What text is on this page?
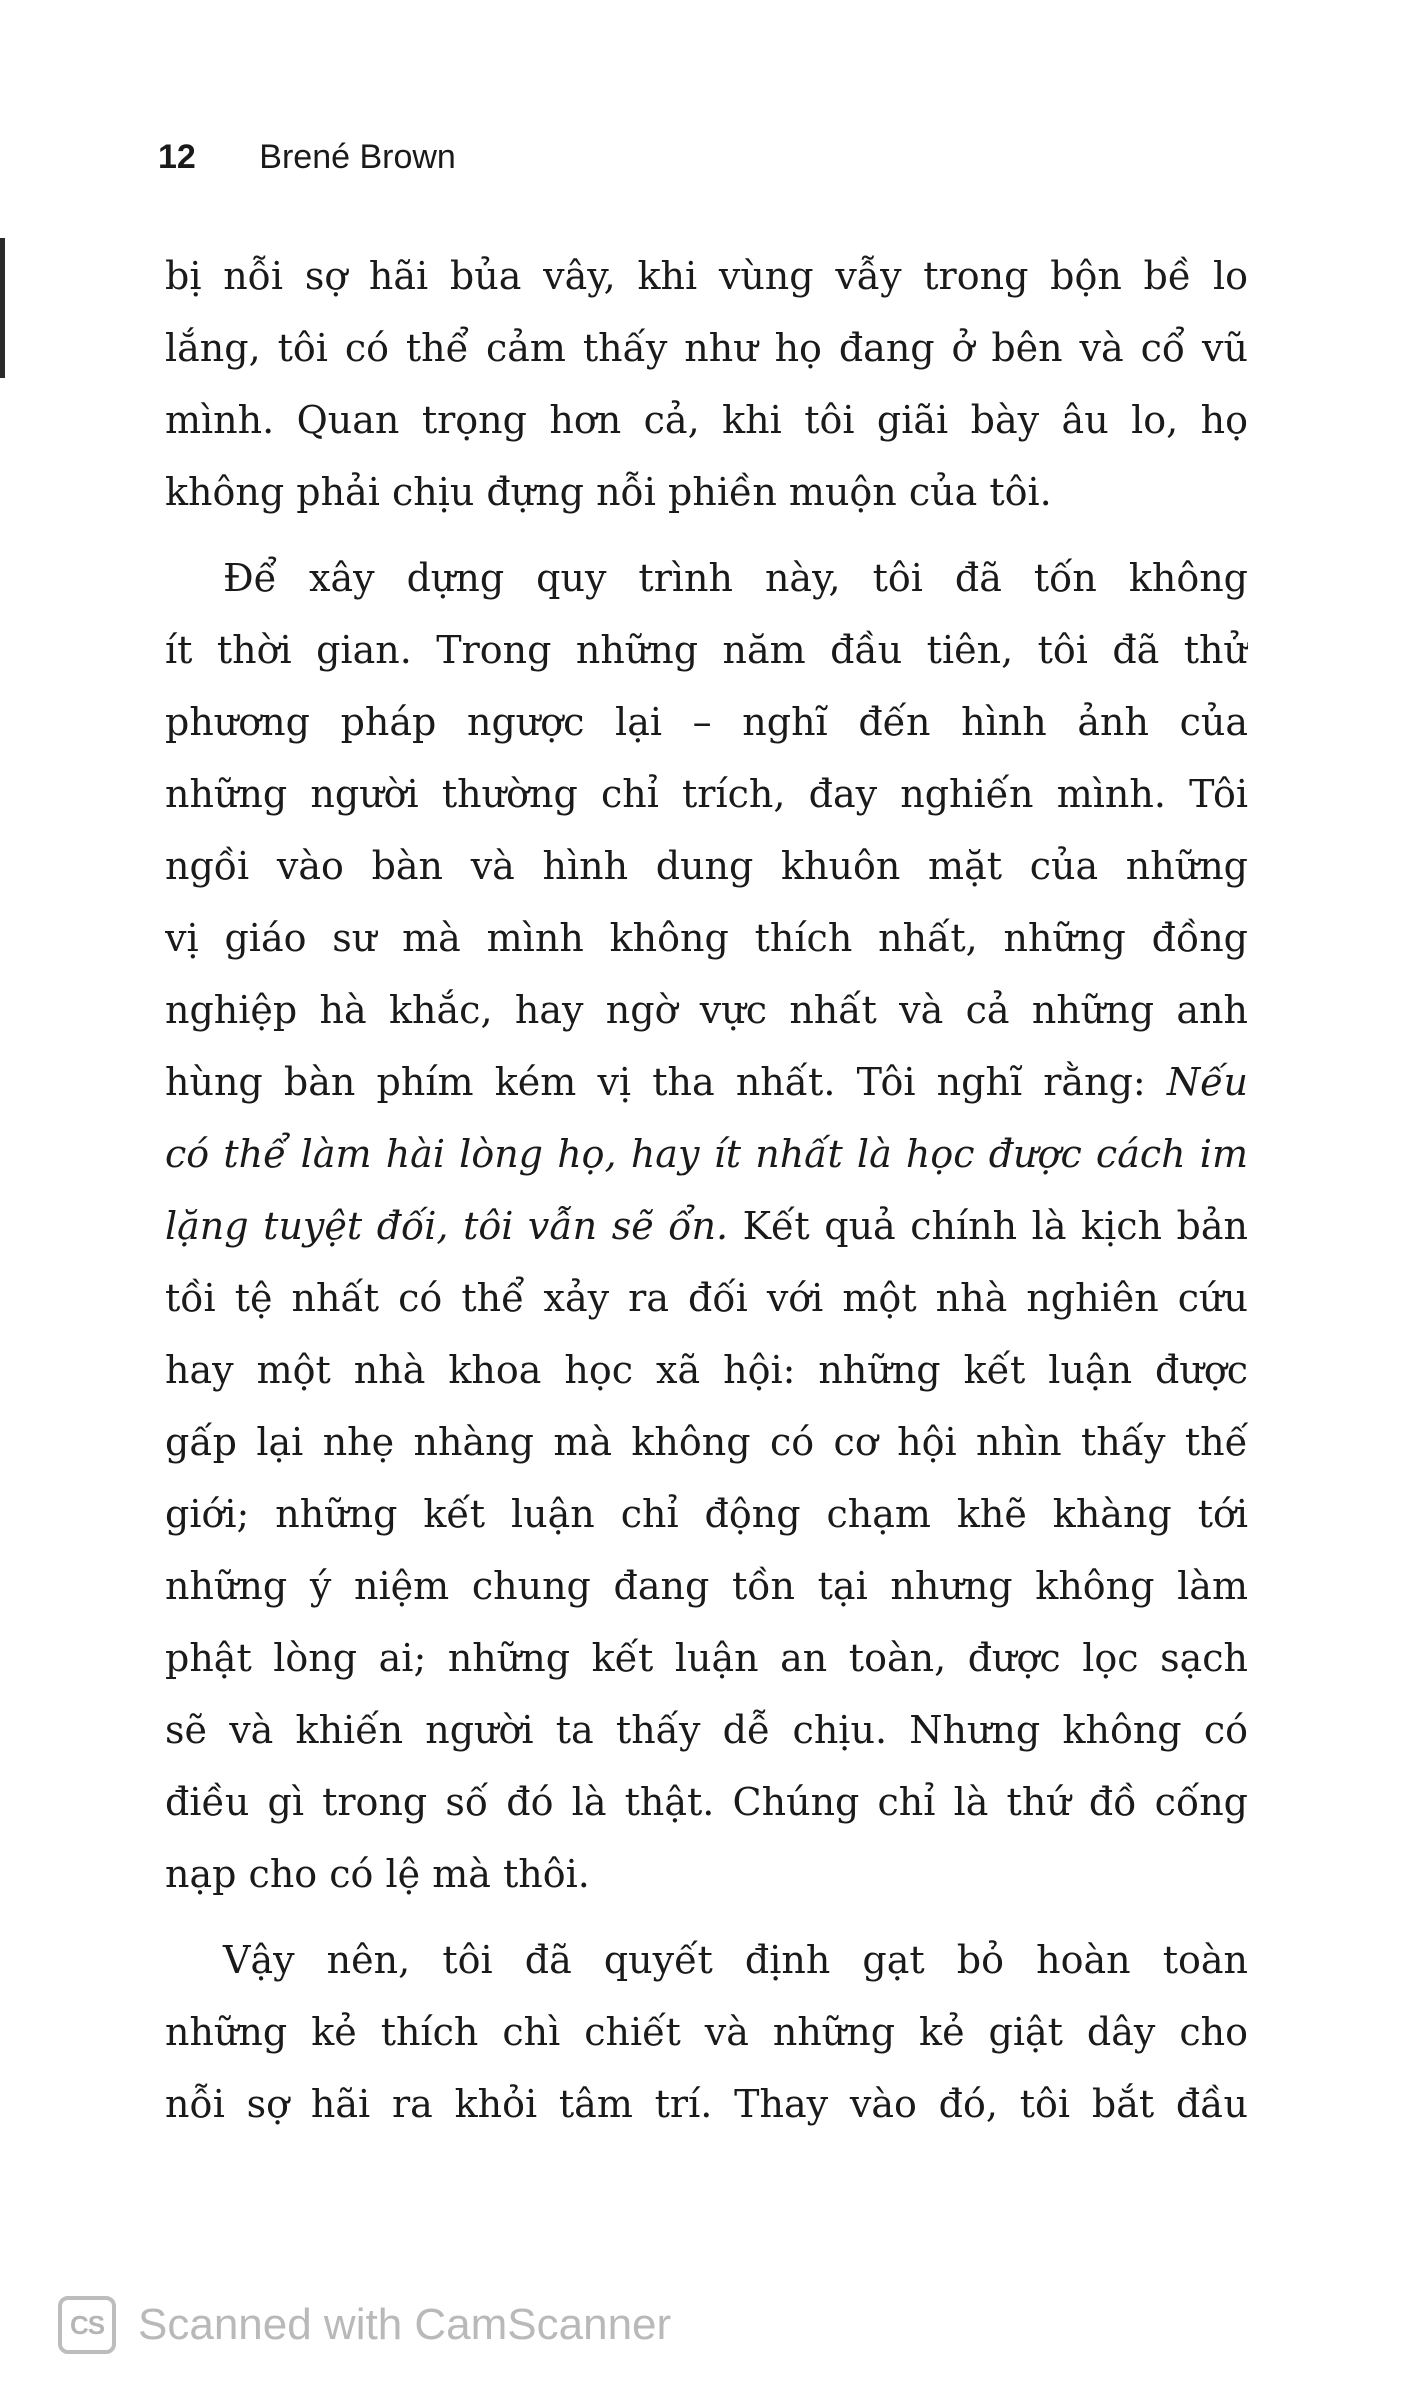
12 Brené Brown
bị nỗi sợ hãi bủa vây, khi vùng vẫy trong bộn bề lo
lắng, tôi có thể cảm thấy như họ đang ở bên và cổ vũ
mình. Quan trọng hơn cả, khi tôi giãi bày âu lo, họ
không phải chịu đựng nỗi phiền muộn của tôi.
Để xây dựng quy trình này, tôi đã tốn không
ít thời gian. Trong những năm đầu tiên, tôi đã thử
phương pháp ngược lại – nghĩ đến hình ảnh của
những người thường chỉ trích, đay nghiến mình. Tôi
ngồi vào bàn và hình dung khuôn mặt của những
vị giáo sư mà mình không thích nhất, những đồng
nghiệp hà khắc, hay ngờ vực nhất và cả những anh
hùng bàn phím kém vị tha nhất. Tôi nghĩ rằng: Nếu
có thể làm hài lòng họ, hay ít nhất là học được cách im
lặng tuyệt đối, tôi vẫn sẽ ổn. Kết quả chính là kịch bản
tồi tệ nhất có thể xảy ra đối với một nhà nghiên cứu
hay một nhà khoa học xã hội: những kết luận được
gấp lại nhẹ nhàng mà không có cơ hội nhìn thấy thế
giới; những kết luận chỉ động chạm khẽ khàng tới
những ý niệm chung đang tồn tại nhưng không làm
phật lòng ai; những kết luận an toàn, được lọc sạch
sẽ và khiến người ta thấy dễ chịu. Nhưng không có
điều gì trong số đó là thật. Chúng chỉ là thứ đồ cống
nạp cho có lệ mà thôi.
Vậy nên, tôi đã quyết định gạt bỏ hoàn toàn
những kẻ thích chì chiết và những kẻ giật dây cho
nỗi sợ hãi ra khỏi tâm trí. Thay vào đó, tôi bắt đầu
CS Scanned with CamScanner
